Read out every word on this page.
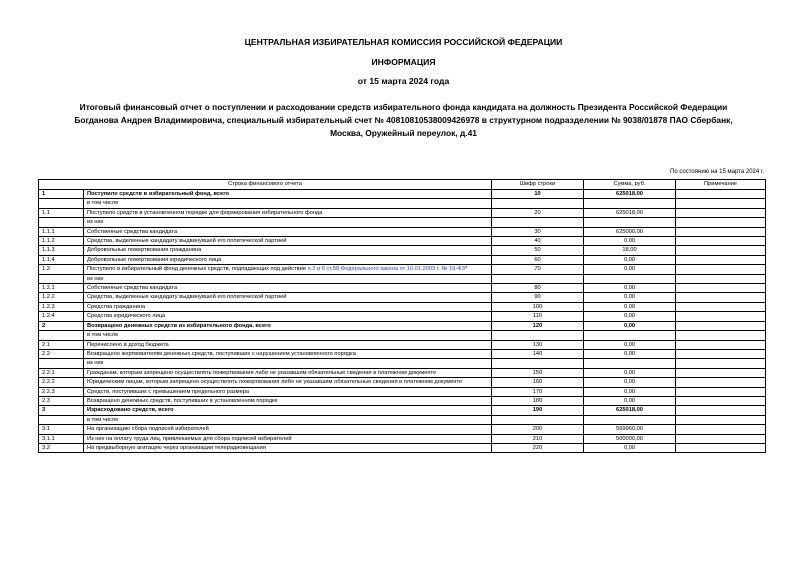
ЦЕНТРАЛЬНАЯ ИЗБИРАТЕЛЬНАЯ КОМИССИЯ РОССИЙСКОЙ ФЕДЕРАЦИИ
ИНФОРМАЦИЯ
от 15 марта 2024 года
Итоговый финансовый отчет о поступлении и расходовании средств избирательного фонда кандидата на должность Президента Российской Федерации
Богданова Андрея Владимировича, специальный избирательный счет № 40810810538009426978 в структурном подразделении № 9038/01878 ПАО Сбербанк,
Москва, Оружейный переулок, д.41
По состоянию на 15 марта 2024 г.
Строка финансового отчета		Шифр строки	Сумма, руб.	Примечание
1	Поступило средств в избирательный фонд, всего	10	625018,00	
	в том числе			
1.1	Поступило средств в установленном порядке для формирования избирательного фонда	20	625018,00	
	из них			
1.1.1	Собственные средства кандидата	30	625000,00	
1.1.2	Средства, выделенные кандидату выдвинувшей его политической партией	40	0,00	
1.1.3	Добровольные пожертвования гражданина	50	18,00	
1.1.4	Добровольные пожертвования юридического лица	60	0,00	
1.2	Поступило в избирательный фонд денежных средств, подпадающих под действие п.2 и 6 ст.58 Федерального закона от 10.01.2003 г. № 19-ФЗ*	70	0,00	
	из них			
1.2.1	Собственные средства кандидата	80	0,00	
1.2.2	Средства, выделенные кандидату выдвинувшей его политической партией	90	0,00	
1.2.3	Средства гражданина	100	0,00	
1.2.4	Средства юридического лица	110	0,00	
2	Возвращено денежных средств из избирательного фонда, всего	120	0,00	
	в том числе			
2.1	Перечислено в доход бюджета	130	0,00	
2.2	Возвращено жертвователям денежных средств, поступивших с нарушением установленного порядка	140	0,00	
	из них			
2.2.1	Гражданам, которым запрещено осуществлять пожертвования либо не указавшим обязательные сведения в платежном документе	150	0,00	
2.2.2	Юридическим лицам, которым запрещено осуществлять пожертвования либо не указавшим обязательные сведения в платежном документе	160	0,00	
2.2.3	Средств, поступивших с превышением предельного размера	170	0,00	
2.3	Возвращено денежных средств, поступивших в установленном порядке	180	0,00	
3	Израсходовано средств, всего	190	625018,00	
	в том числе			
3.1	На организацию сбора подписей избирателей	200	569960,00	
3.1.1	Из них на оплату труда лиц, привлекаемых для сбора подписей избирателей	210	500000,00	
3.2	На предвыборную агитацию через организации телерадиовещания	220	0,00	
